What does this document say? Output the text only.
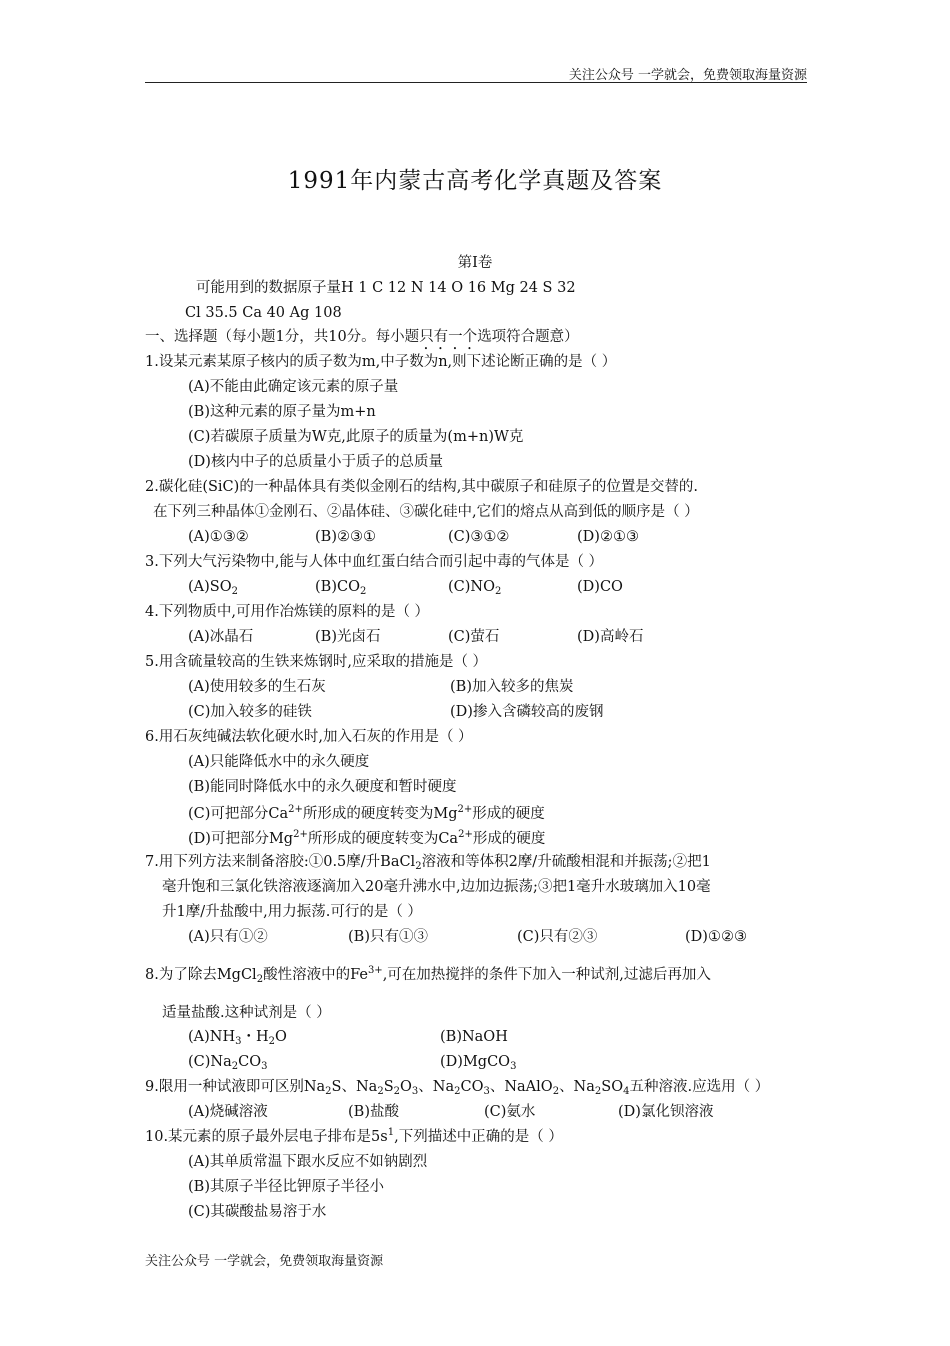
关注公众号 一学就会，免费领取海量资源
1991年内蒙古高考化学真题及答案
第Ⅰ卷
可能用到的数据原子量H 1 C 12 N 14 O 16 Mg 24 S 32
Cl 35.5 Ca 40 Ag 108
一、选择题（每小题1分，共10分。每小题只有一个选项符合题意）
1.设某元素某原子核内的质子数为m,中子数为n,则下述论断正确的是（ ）
(A)不能由此确定该元素的原子量
(B)这种元素的原子量为m+n
(C)若碳原子质量为W克,此原子的质量为(m+n)W克
(D)核内中子的总质量小于质子的总质量
2.碳化硅(SiC)的一种晶体具有类似金刚石的结构,其中碳原子和硅原子的位置是交替的.
在下列三种晶体①金刚石、②晶体硅、③碳化硅中,它们的熔点从高到低的顺序是（ ）
(A)①③②	(B)②③①	(C)③①②	(D)②①③
3.下列大气污染物中,能与人体中血红蛋白结合而引起中毒的气体是（ ）
$(A)SO_2$	$(B)CO_2$	$(C)NO_2$	(D)CO
4.下列物质中,可用作冶炼镁的原料的是（ ）
(A)冰晶石	(B)光卤石	(C)萤石	(D)高岭石
5.用含硫量较高的生铁来炼钢时,应采取的措施是（ ）
(A)使用较多的生石灰	(B)加入较多的焦炭
(C)加入较多的硅铁	(D)掺入含磷较高的废钢
6.用石灰纯碱法软化硬水时,加入石灰的作用是（ ）
(A)只能降低水中的永久硬度
(B)能同时降低水中的永久硬度和暂时硬度
(C)可把部分$Ca^{2+}$所形成的硬度转变为$Mg^{2+}$形成的硬度
(D)可把部分$Mg^{2+}$所形成的硬度转变为$Ca^{2+}$形成的硬度
7.用下列方法来制备溶胶:①0.5摩/升BaCl$_2$溶液和等体积2摩/升硫酸相混和并振荡;②把1
毫升饱和三氯化铁溶液逐滴加入20毫升沸水中,边加边振荡;③把1毫升水玻璃加入10毫
升1摩/升盐酸中,用力振荡.可行的是（ ）
(A)只有①②	(B)只有①③	(C)只有②③	(D)①②③
8.为了除去MgCl$_2$酸性溶液中的$Fe^{3+}$,可在加热搅拌的条件下加入一种试剂,过滤后再加入
适量盐酸.这种试剂是（ ）
$(A)NH_3$・$H_2O$	(B)NaOH
$(C)Na_2CO_3$	(D)MgCO$_3$
9.限用一种试液即可区别$Na_2S$、$Na_2S_2O_3$、$Na_2CO_3$、NaAlO$_2$、$Na_2SO_4$五种溶液.应选用（ ）
(A)烧碱溶液	(B)盐酸	(C)氨水	(D)氯化钡溶液
10.某元素的原子最外层电子排布是$5s^1$,下列描述中正确的是（ ）
(A)其单质常温下跟水反应不如钠剧烈
(B)其原子半径比钾原子半径小
(C)其碳酸盐易溶于水
关注公众号 一学就会，免费领取海量资源
